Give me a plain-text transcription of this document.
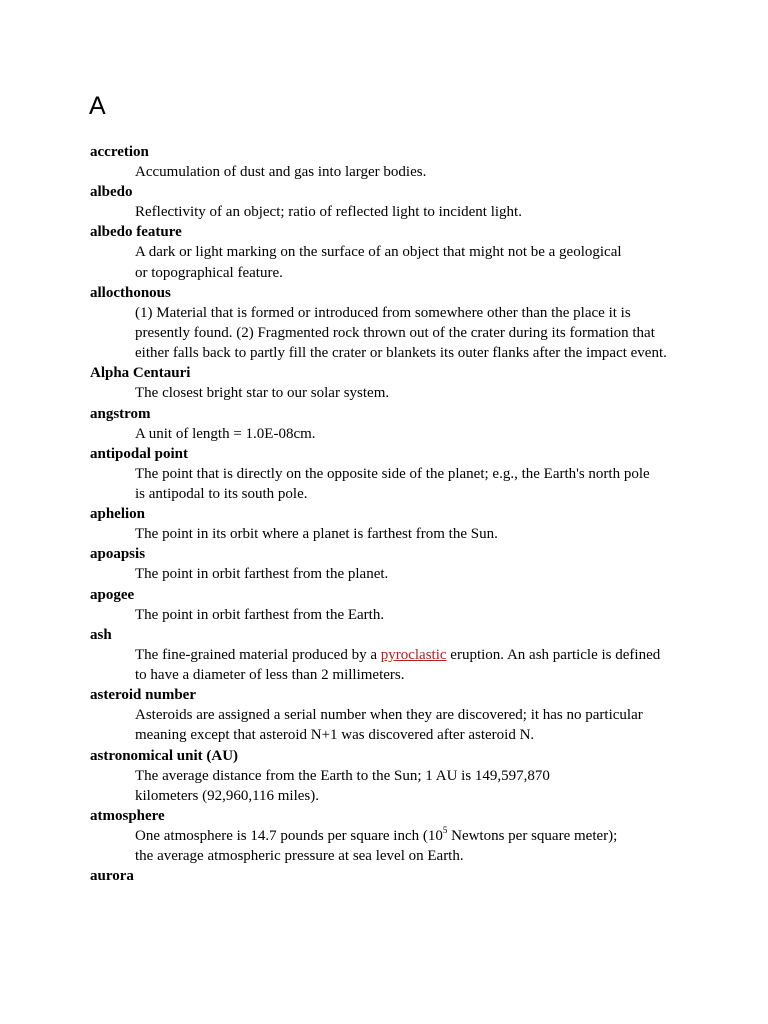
A
accretion
Accumulation of dust and gas into larger bodies.
albedo
Reflectivity of an object; ratio of reflected light to incident light.
albedo feature
A dark or light marking on the surface of an object that might not be a geological or topographical feature.
allocthonous
(1) Material that is formed or introduced from somewhere other than the place it is presently found. (2) Fragmented rock thrown out of the crater during its formation that either falls back to partly fill the crater or blankets its outer flanks after the impact event.
Alpha Centauri
The closest bright star to our solar system.
angstrom
A unit of length = 1.0E-08cm.
antipodal point
The point that is directly on the opposite side of the planet; e.g., the Earth's north pole is antipodal to its south pole.
aphelion
The point in its orbit where a planet is farthest from the Sun.
apoapsis
The point in orbit farthest from the planet.
apogee
The point in orbit farthest from the Earth.
ash
The fine-grained material produced by a pyroclastic eruption. An ash particle is defined to have a diameter of less than 2 millimeters.
asteroid number
Asteroids are assigned a serial number when they are discovered; it has no particular meaning except that asteroid N+1 was discovered after asteroid N.
astronomical unit (AU)
The average distance from the Earth to the Sun; 1 AU is 149,597,870 kilometers (92,960,116 miles).
atmosphere
One atmosphere is 14.7 pounds per square inch ($10^5$ Newtons per square meter); the average atmospheric pressure at sea level on Earth.
aurora
